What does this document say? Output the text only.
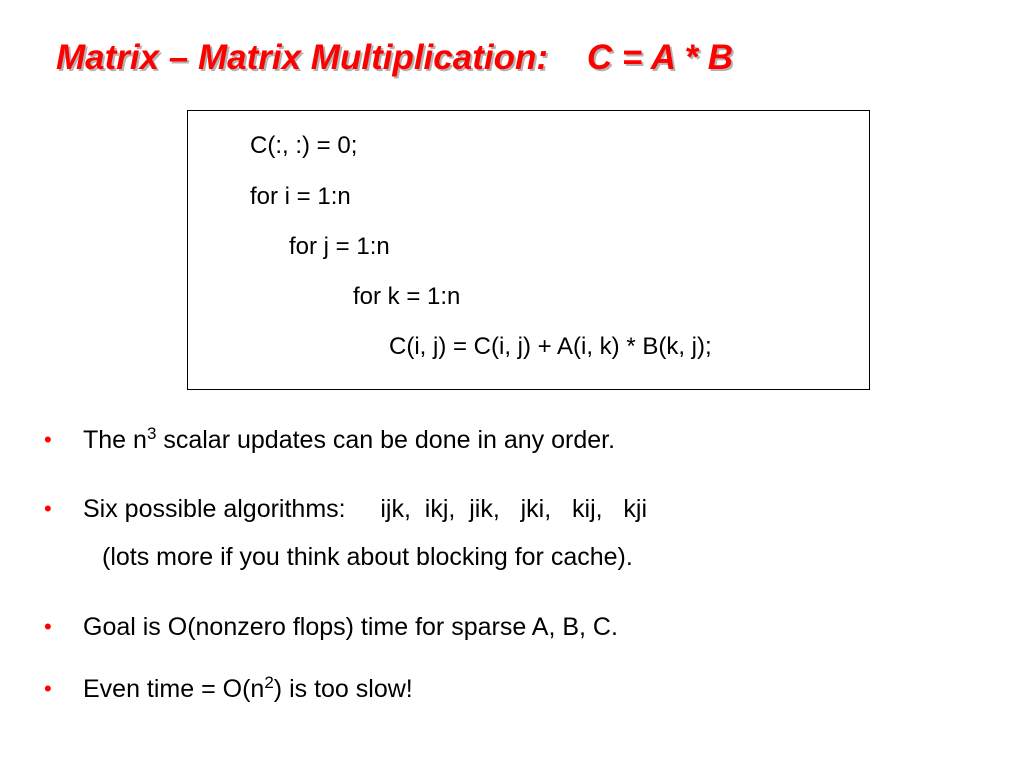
Matrix – Matrix Multiplication:    C = A * B
C(:, :) = 0;
for i = 1:n
for j = 1:n
for k = 1:n
C(i, j) = C(i, j) + A(i, k) * B(k, j);
• The $n^3$ scalar updates can be done in any order.
• Six possible algorithms:     ijk,  ikj,  jik,   jki,   kij,   kji
(lots more if you think about blocking for cache).
• Goal is O(nonzero flops) time for sparse A, B, C.
• Even time = $O(n^2)$ is too slow!
